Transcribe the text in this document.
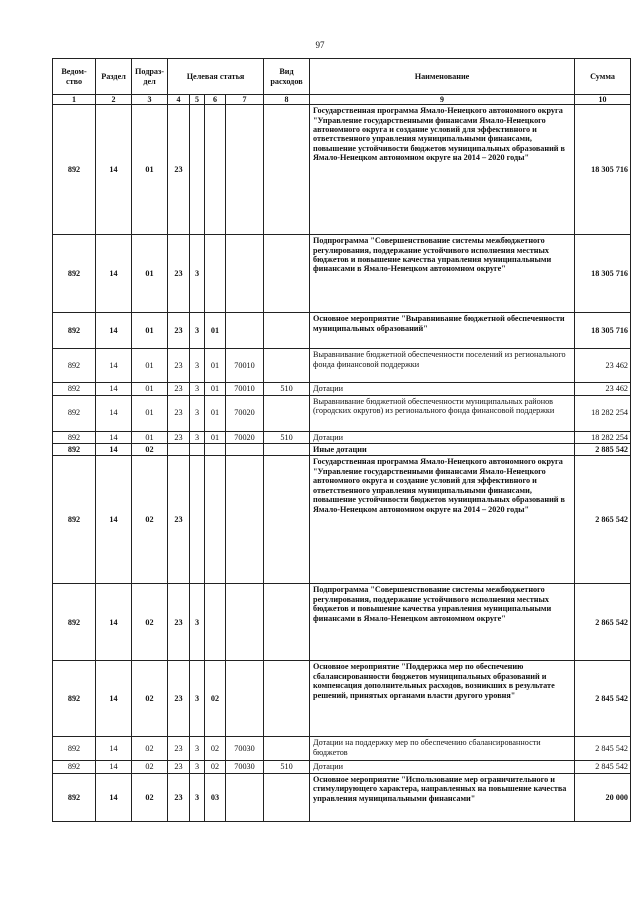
97
Ведом-ство	Раздел	Подраз-дел	Целевая статья				Вид расходов	Наименование	Сумма
1	2	3	4	5	6	7	8	9	10
892	14	01	23					Государственная программа Ямало-Ненецкого автономного округа "Управление государственными финансами Ямало-Ненецкого автономного округа и создание условий для эффективного и ответственного управления муниципальными финансами, повышение устойчивости бюджетов муниципальных образований в Ямало-Ненецком автономном округе на 2014 – 2020 годы"	18 305 716
892	14	01	23	3				Подпрограмма "Совершенствование системы межбюджетного регулирования, поддержание устойчивого исполнения местных бюджетов и повышение качества управления муниципальными финансами в Ямало-Ненецком автономном округе"	18 305 716
892	14	01	23	3	01			Основное мероприятие "Выравнивание бюджетной обеспеченности муниципальных образований"	18 305 716
892	14	01	23	3	01	70010		Выравнивание бюджетной обеспеченности поселений из регионального фонда финансовой поддержки	23 462
892	14	01	23	3	01	70010	510	Дотации	23 462
892	14	01	23	3	01	70020		Выравнивание бюджетной обеспеченности муниципальных районов (городских округов) из регионального фонда финансовой поддержки	18 282 254
892	14	01	23	3	01	70020	510	Дотации	18 282 254
892	14	02						Иные дотации	2 885 542
892	14	02	23					Государственная программа Ямало-Ненецкого автономного округа "Управление государственными финансами Ямало-Ненецкого автономного округа и создание условий для эффективного и ответственного управления муниципальными финансами, повышение устойчивости бюджетов муниципальных образований в Ямало-Ненецком автономном округе на 2014 – 2020 годы"	2 865 542
892	14	02	23	3				Подпрограмма "Совершенствование системы межбюджетного регулирования, поддержание устойчивого исполнения местных бюджетов и повышение качества управления муниципальными финансами в Ямало-Ненецком автономном округе"	2 865 542
892	14	02	23	3	02			Основное мероприятие "Поддержка мер по обеспечению сбалансированности бюджетов муниципальных образований и компенсация дополнительных расходов, возникших в результате решений, принятых органами власти другого уровня"	2 845 542
892	14	02	23	3	02	70030		Дотации на поддержку мер по обеспечению сбалансированности бюджетов	2 845 542
892	14	02	23	3	02	70030	510	Дотации	2 845 542
892	14	02	23	3	03			Основное мероприятие "Использование мер ограничительного и стимулирующего характера, направленных на повышение качества управления муниципальными финансами"	20 000
